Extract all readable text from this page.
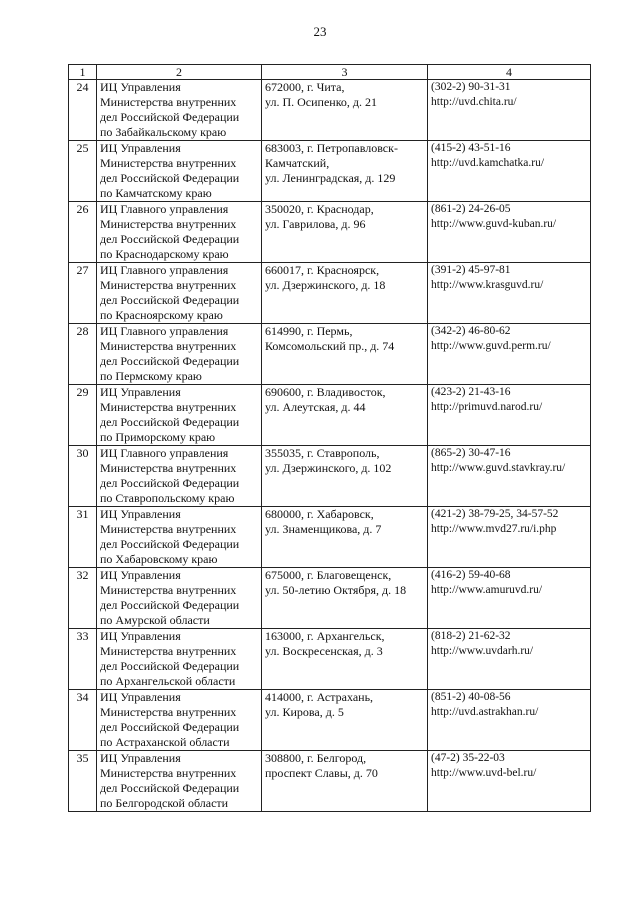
23
1	2	3	4
24	ИЦ Управления
Министерства внутренних
дел Российской Федерации
по Забайкальскому краю	672000, г. Чита,
ул. П. Осипенко, д. 21	(302-2) 90-31-31
http://uvd.chita.ru/

25	ИЦ Управления
Министерства внутренних
дел Российской Федерации
по Камчатскому краю	683003, г. Петропавловск-
Камчатский,
ул. Ленинградская, д. 129	(415-2) 43-51-16
http://uvd.kamchatka.ru/

26	ИЦ Главного управления
Министерства внутренних
дел Российской Федерации
по Краснодарскому краю	350020, г. Краснодар,
ул. Гаврилова, д. 96	(861-2) 24-26-05
http://www.guvd-kuban.ru/

27	ИЦ Главного управления
Министерства внутренних
дел Российской Федерации
по Красноярскому краю	660017, г. Красноярск,
ул. Дзержинского, д. 18	(391-2) 45-97-81
http://www.krasguvd.ru/

28	ИЦ Главного управления
Министерства внутренних
дел Российской Федерации
по Пермскому краю	614990, г. Пермь,
Комсомольский пр., д. 74	(342-2) 46-80-62
http://www.guvd.perm.ru/

29	ИЦ Управления
Министерства внутренних
дел Российской Федерации
по Приморскому краю	690600, г. Владивосток,
ул. Алеутская, д. 44	(423-2) 21-43-16
http://primuvd.narod.ru/

30	ИЦ Главного управления
Министерства внутренних
дел Российской Федерации
по Ставропольскому краю	355035, г. Ставрополь,
ул. Дзержинского, д. 102	(865-2) 30-47-16
http://www.guvd.stavkray.ru/

31	ИЦ Управления
Министерства внутренних
дел Российской Федерации
по Хабаровскому краю	680000, г. Хабаровск,
ул. Знаменщикова, д. 7	(421-2) 38-79-25, 34-57-52
http://www.mvd27.ru/i.php

32	ИЦ Управления
Министерства внутренних
дел Российской Федерации
по Амурской области	675000, г. Благовещенск,
ул. 50-летию Октября, д. 18	(416-2) 59-40-68
http://www.amuruvd.ru/

33	ИЦ Управления
Министерства внутренних
дел Российской Федерации
по Архангельской области	163000, г. Архангельск,
ул. Воскресенская, д. 3	(818-2) 21-62-32
http://www.uvdarh.ru/

34	ИЦ Управления
Министерства внутренних
дел Российской Федерации
по Астраханской области	414000, г. Астрахань,
ул. Кирова, д. 5	(851-2) 40-08-56
http://uvd.astrakhan.ru/

35	ИЦ Управления
Министерства внутренних
дел Российской Федерации
по Белгородской области	308800, г. Белгород,
проспект Славы, д. 70	(47-2) 35-22-03
http://www.uvd-bel.ru/
